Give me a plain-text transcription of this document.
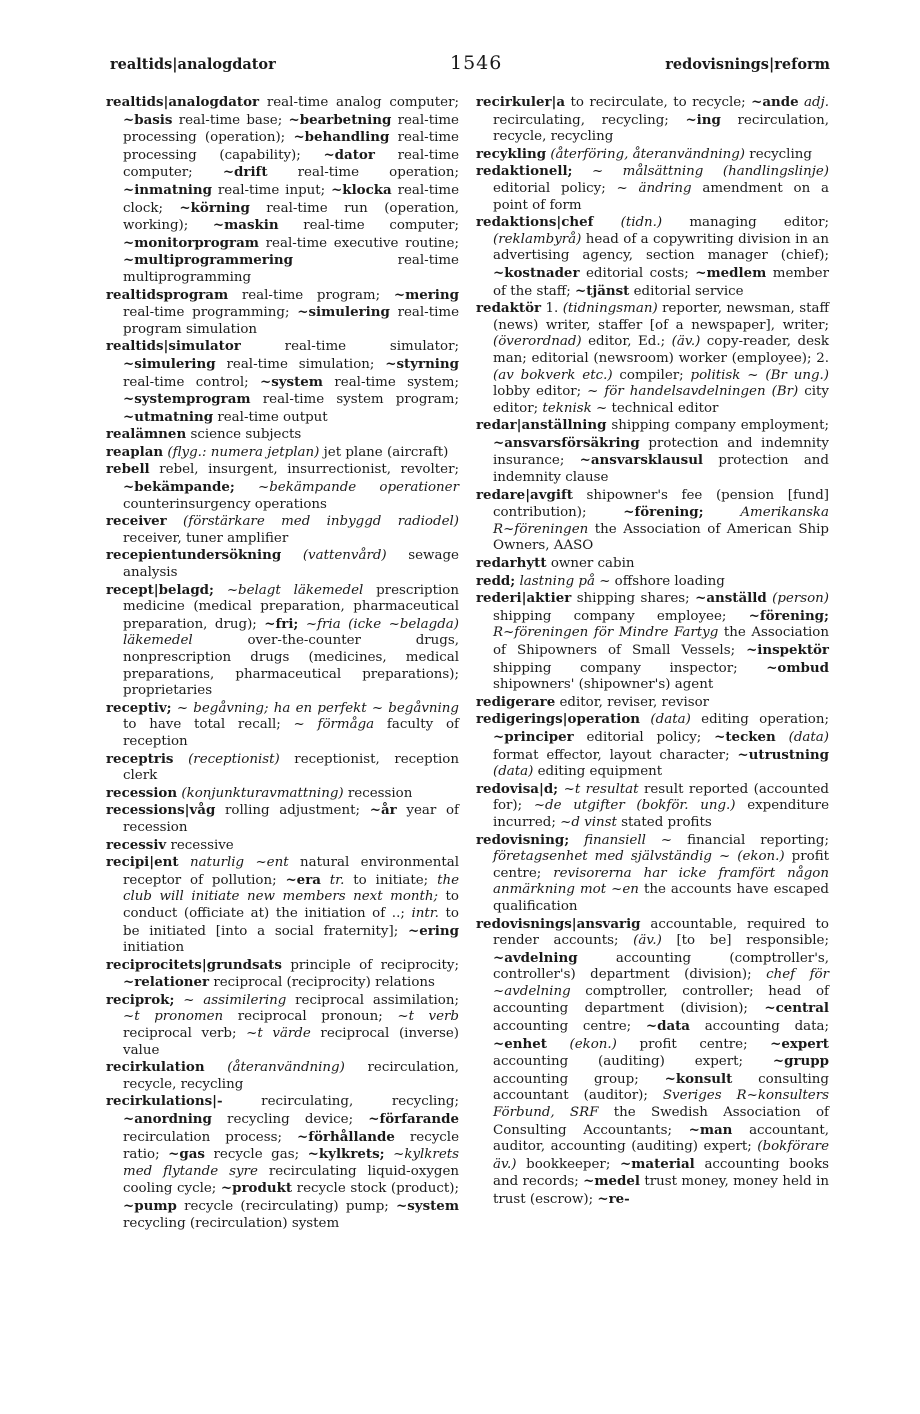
realtids|analogdator	1546	redovisnings|reform

realtids|analogdator real-time analog computer; ~basis real-time base; ~bearbetning real-time processing (operation); ~behandling real-time processing (capability); ~dator real-time computer; ~drift real-time operation; ~inmatning real-time input; ~klocka real-time clock; ~körning real-time run (operation, working); ~maskin real-time computer; ~monitorprogram real-time executive routine; ~multiprogrammering real-time multiprogramming

realtidsprogram real-time program; ~mering real-time programming; ~simulering real-time program simulation

realtids|simulator real-time simulator; ~simulering real-time simulation; ~styrning real-time control; ~system real-time system; ~systemprogram real-time system program; ~utmatning real-time output

realämnen science subjects

reaplan (flyg.: numera jetplan) jet plane (aircraft)

rebell rebel, insurgent, insurrectionist, revolter; ~bekämpande; ~bekämpande operationer counterinsurgency operations

receiver (förstärkare med inbyggd radiodel) receiver, tuner amplifier

recepientundersökning (vattenvård) sewage analysis

recept|belagd; ~belagt läkemedel prescription medicine (medical preparation, pharmaceutical preparation, drug); ~fri; ~fria (icke ~belagda) läkemedel over-the-counter drugs, nonprescription drugs (medicines, medical preparations, pharmaceutical preparations); proprietaries

receptiv; ~ begåvning; ha en perfekt ~ begåvning to have total recall; ~ förmåga faculty of reception

receptris (receptionist) receptionist, reception clerk

recession (konjunkturavmattning) recession

recessions|våg rolling adjustment; ~år year of recession

recessiv recessive

recipi|ent naturlig ~ent natural environmental receptor of pollution; ~era tr. to initiate; the club will initiate new members next month; to conduct (officiate at) the initiation of ..; intr. to be initiated [into a social fraternity]; ~ering initiation

reciprocitets|grundsats principle of reciprocity; ~relationer reciprocal (reciprocity) relations

reciprok; ~ assimilering reciprocal assimilation; ~t pronomen reciprocal pronoun; ~t verb reciprocal verb; ~t värde reciprocal (inverse) value

recirkulation (återanvändning) recirculation, recycle, recycling

recirkulations|- recirculating, recycling; ~anordning recycling device; ~förfarande recirculation process; ~förhållande recycle ratio; ~gas recycle gas; ~kylkrets; ~kylkrets med flytande syre recirculating liquid-oxygen cooling cycle; ~produkt recycle stock (product); ~pump recycle (recirculating) pump; ~system recycling (recirculation) system

recirkuler|a to recirculate, to recycle; ~ande adj. recirculating, recycling; ~ing recirculation, recycle, recycling

recykling (återföring, återanvändning) recycling

redaktionell; ~ målsättning (handlingslinje) editorial policy; ~ ändring amendment on a point of form

redaktions|chef (tidn.) managing editor; (reklambyrå) head of a copywriting division in an advertising agency, section manager (chief); ~kostnader editorial costs; ~medlem member of the staff; ~tjänst editorial service

redaktör 1. (tidningsman) reporter, newsman, staff (news) writer, staffer [of a newspaper], writer; (överordnad) editor, Ed.; (äv.) copy-reader, desk man; editorial (newsroom) worker (employee); 2. (av bokverk etc.) compiler; politisk ~ (Br ung.) lobby editor; ~ för handelsavdelningen (Br) city editor; teknisk ~ technical editor

redar|anställning shipping company employment; ~ansvarsförsäkring protection and indemnity insurance; ~ansvarsklausul protection and indemnity clause

redare|avgift shipowner's fee (pension [fund] contribution); ~förening;	Amerikanska R~föreningen the Association of American Ship Owners, AASO

redarhytt owner cabin

redd; lastning på ~ offshore loading

rederi|aktier shipping shares; ~anställd (person) shipping company employee; ~förening; R~föreningen för Mindre Fartyg the Association of Shipowners of Small Vessels; ~inspektör shipping company inspector; ~ombud shipowners' (shipowner's) agent

redigerare editor, reviser, revisor

redigerings|operation (data) editing operation; ~principer editorial policy; ~tecken (data) format effector, layout character; ~utrustning (data) editing equipment

redovisa|d; ~t resultat result reported (accounted for); ~de utgifter (bokför. ung.) expenditure incurred; ~d vinst stated profits

redovisning; finansiell ~ financial reporting; företagsenhet med självständig ~ (ekon.) profit centre; revisorerna har icke framfört någon anmärkning mot ~en the accounts have escaped qualification

redovisnings|ansvarig accountable, required to render accounts; (äv.) [to be] responsible; ~avdelning accounting (comptroller's, controller's) department (division); chef för ~avdelning comptroller, controller; head of accounting department (division); ~central accounting centre; ~data accounting data; ~enhet (ekon.) profit centre; ~expert accounting (auditing) expert; ~grupp accounting group; ~konsult consulting accountant (auditor); Sveriges R~konsulters Förbund, SRF the Swedish Association of Consulting Accountants; ~man accountant, auditor, accounting (auditing) expert; (bokförare äv.) bookkeeper; ~material accounting books and records; ~medel trust money, money held in trust (escrow); ~re-
